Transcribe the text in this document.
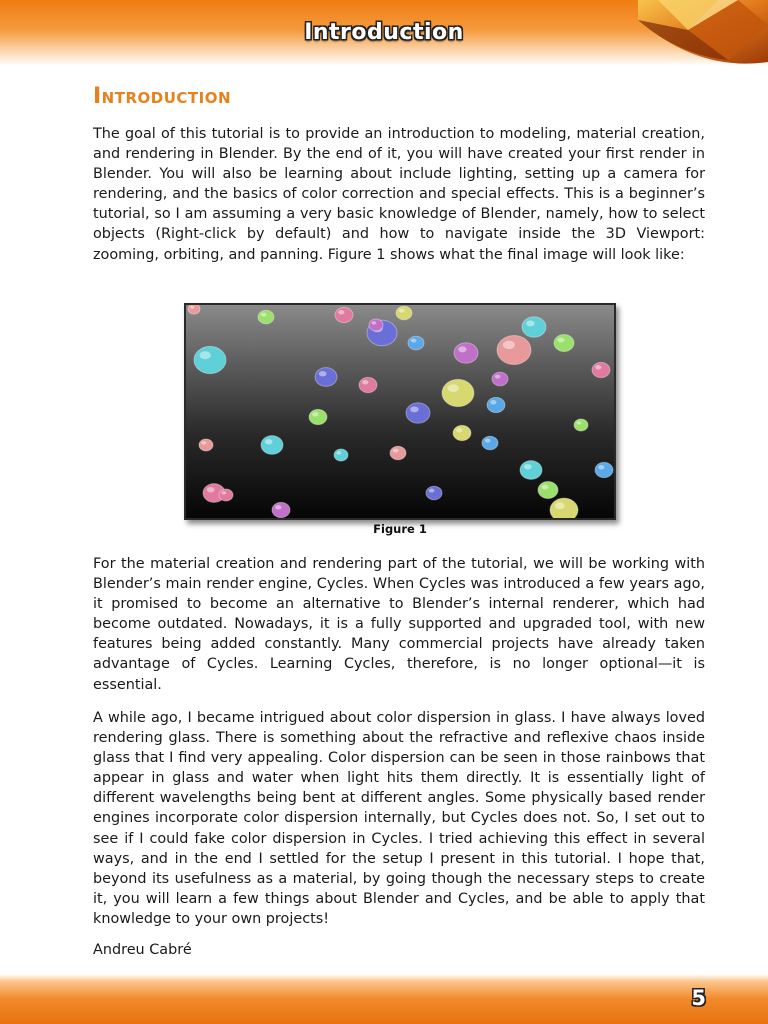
Introduction
Introduction

The goal of this tutorial is to provide an introduction to modeling, material creation, and rendering in Blender. By the end of it, you will have created your first render in Blender. You will also be learning about include lighting, setting up a camera for rendering, and the basics of color correction and special effects. This is a beginner’s tutorial, so I am assuming a very basic knowledge of Blender, namely, how to select objects (Right-click by default) and how to navigate inside the 3D Viewport: zooming, orbiting, and panning. Figure 1 shows what the final image will look like:

Figure 1

For the material creation and rendering part of the tutorial, we will be working with Blender’s main render engine, Cycles. When Cycles was introduced a few years ago, it promised to become an alternative to Blender’s internal renderer, which had become outdated. Nowadays, it is a fully supported and upgraded tool, with new features being added constantly. Many commercial projects have already taken advantage of Cycles. Learning Cycles, therefore, is no longer optional—it is essential.

A while ago, I became intrigued about color dispersion in glass. I have always loved rendering glass. There is something about the refractive and reflexive chaos inside glass that I find very appealing. Color dispersion can be seen in those rainbows that appear in glass and water when light hits them directly. It is essentially light of different wavelengths being bent at different angles. Some physically based render engines incorporate color dispersion internally, but Cycles does not. So, I set out to see if I could fake color dispersion in Cycles. I tried achieving this effect in several ways, and in the end I settled for the setup I present in this tutorial. I hope that, beyond its usefulness as a material, by going though the necessary steps to create it, you will learn a few things about Blender and Cycles, and be able to apply that knowledge to your own projects!

Andreu Cabré
5
